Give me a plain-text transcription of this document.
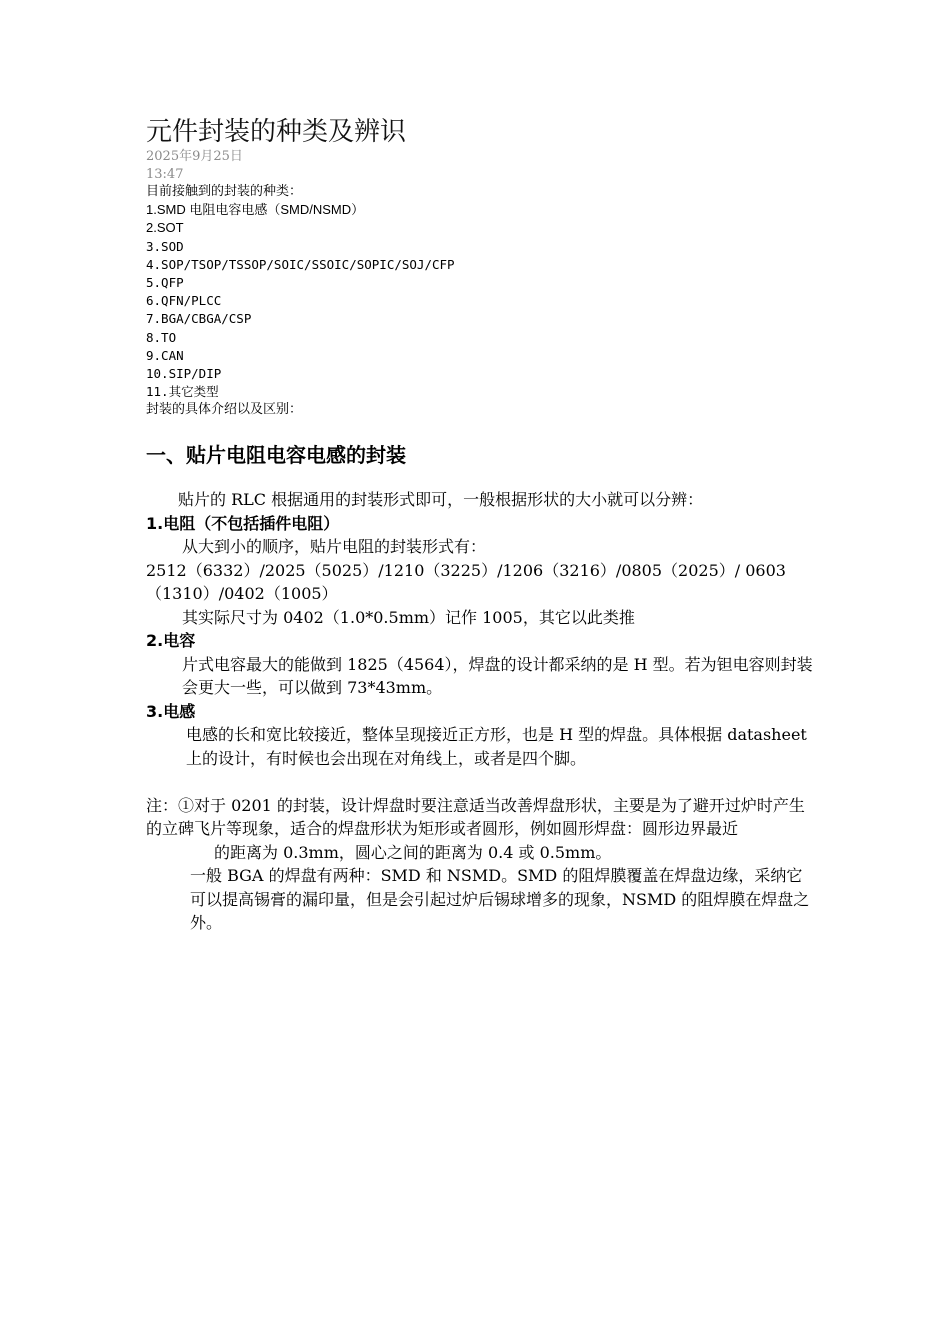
元件封装的种类及辨识
2025年9月25日
13:47
目前接触到的封装的种类：
1.SMD 电阻电容电感（SMD/NSMD）
2.SOT
3.SOD
4.SOP/TSOP/TSSOP/SOIC/SSOIC/SOPIC/SOJ/CFP
5.QFP
6.QFN/PLCC
7.BGA/CBGA/CSP
8.TO
9.CAN
10.SIP/DIP
11.其它类型
封装的具体介绍以及区别：
一、贴片电阻电容电感的封装

贴片的 RLC 根据通用的封装形式即可，一般根据形状的大小就可以分辨：

1.电阻（不包括插件电阻）

从大到小的顺序，贴片电阻的封装形式有：

2512（6332）/2025（5025）/1210（3225）/1206（3216）/0805（2025）/ 0603（1310）/0402（1005）

其实际尺寸为 0402（1.0*0.5mm）记作 1005，其它以此类推

2.电容

片式电容最大的能做到 1825（4564），焊盘的设计都采纳的是 H 型。若为钽电容则封装会更大一些，可以做到 73*43mm。

3.电感

电感的长和宽比较接近，整体呈现接近正方形，也是 H 型的焊盘。具体根据 datasheet 上的设计，有时候也会出现在对角线上，或者是四个脚。

注：①对于 0201 的封装，设计焊盘时要注意适当改善焊盘形状，主要是为了避开过炉时产生的立碑飞片等现象，适合的焊盘形状为矩形或者圆形，例如圆形焊盘：圆形边界最近

的距离为 0.3mm，圆心之间的距离为 0.4 或 0.5mm。

一般 BGA 的焊盘有两种：SMD 和 NSMD。SMD 的阻焊膜覆盖在焊盘边缘，采纳它可以提高锡膏的漏印量，但是会引起过炉后锡球增多的现象，NSMD 的阻焊膜在焊盘之外。
